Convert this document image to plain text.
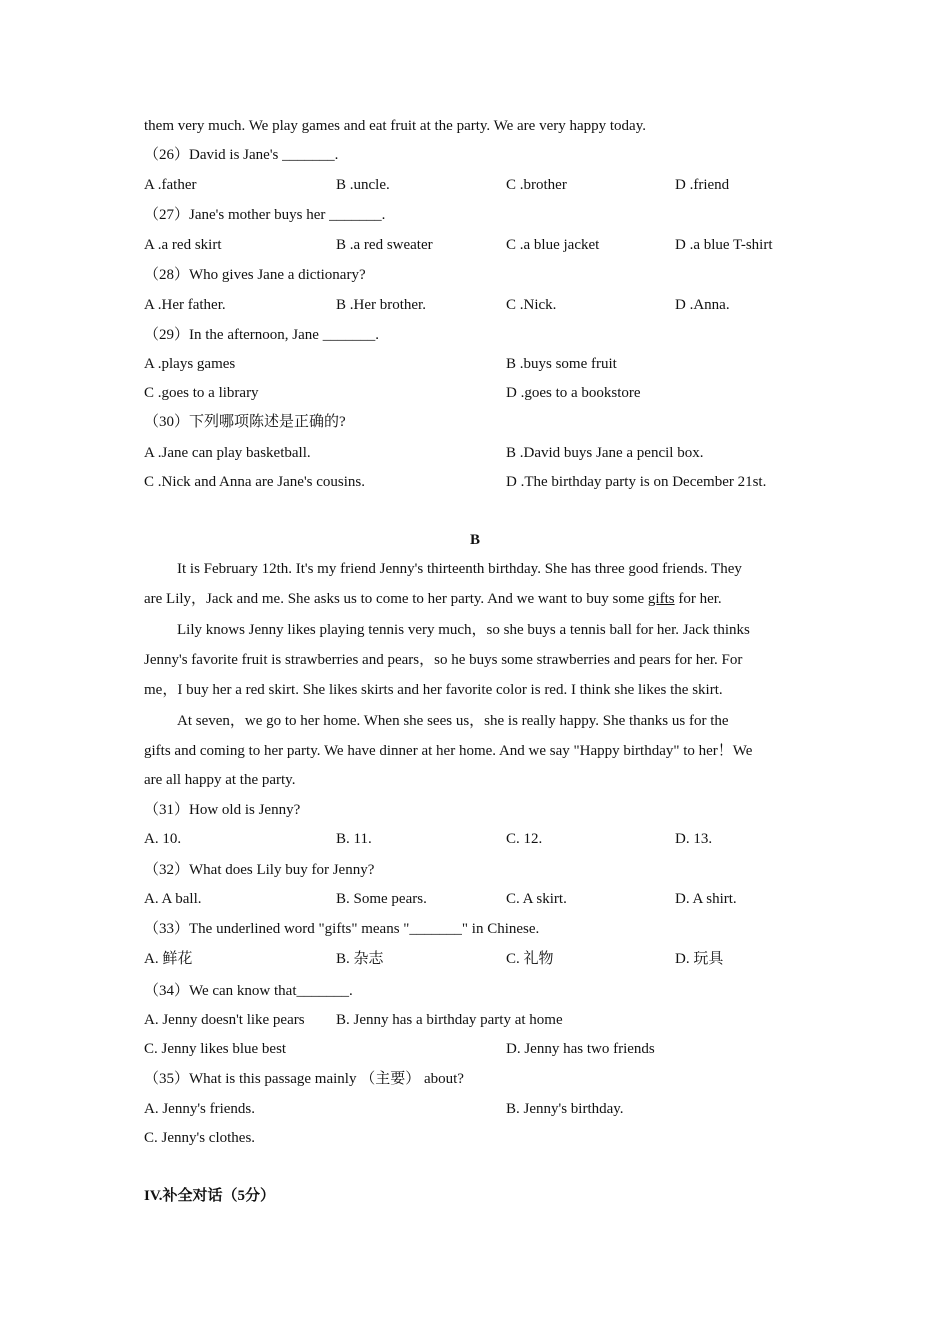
them very much. We play games and eat fruit at the party. We are very happy today.
（26）David is Jane's _______.
A .father	B .uncle.	C .brother	D .friend
（27）Jane's mother buys her _______.
A .a red skirt	B .a red sweater	C .a blue jacket	D .a blue T-shirt
（28）Who gives Jane a dictionary?
A .Her father.	B .Her brother.	C .Nick.	D .Anna.
（29）In the afternoon, Jane _______.
A .plays games	B .buys some fruit
C .goes to a library	D .goes to a bookstore
（30）下列哪项陈述是正确的?
A .Jane can play basketball.	B .David buys Jane a pencil box.
C .Nick and Anna are Jane's cousins.	D .The birthday party is on December 21st.
B
It is February 12th. It's my friend Jenny's thirteenth birthday. She has three good friends. They
are Lily，Jack and me. She asks us to come to her party. And we want to buy some gifts for her.
Lily knows Jenny likes playing tennis very much，so she buys a tennis ball for her. Jack thinks
Jenny's favorite fruit is strawberries and pears，so he buys some strawberries and pears for her. For
me，I buy her a red skirt. She likes skirts and her favorite color is red. I think she likes the skirt.
At seven，we go to her home. When she sees us，she is really happy. She thanks us for the
gifts and coming to her party. We have dinner at her home. And we say "Happy birthday" to her！We
are all happy at the party.
（31）How old is Jenny?
A. 10.	B. 11.	C. 12.	D. 13.
（32）What does Lily buy for Jenny?
A. A ball.	B. Some pears.	C. A skirt.	D. A shirt.
（33）The underlined word "gifts" means "_______" in Chinese.
A. 鲜花	B. 杂志	C. 礼物	D. 玩具
（34）We can know that_______.
A. Jenny doesn't like pears B. Jenny has a birthday party at home
C. Jenny likes blue best	D. Jenny has two friends
（35）What is this passage mainly （主要） about?
A. Jenny's friends.	B. Jenny's birthday.
C. Jenny's clothes.
IV.补全对话（5分）
